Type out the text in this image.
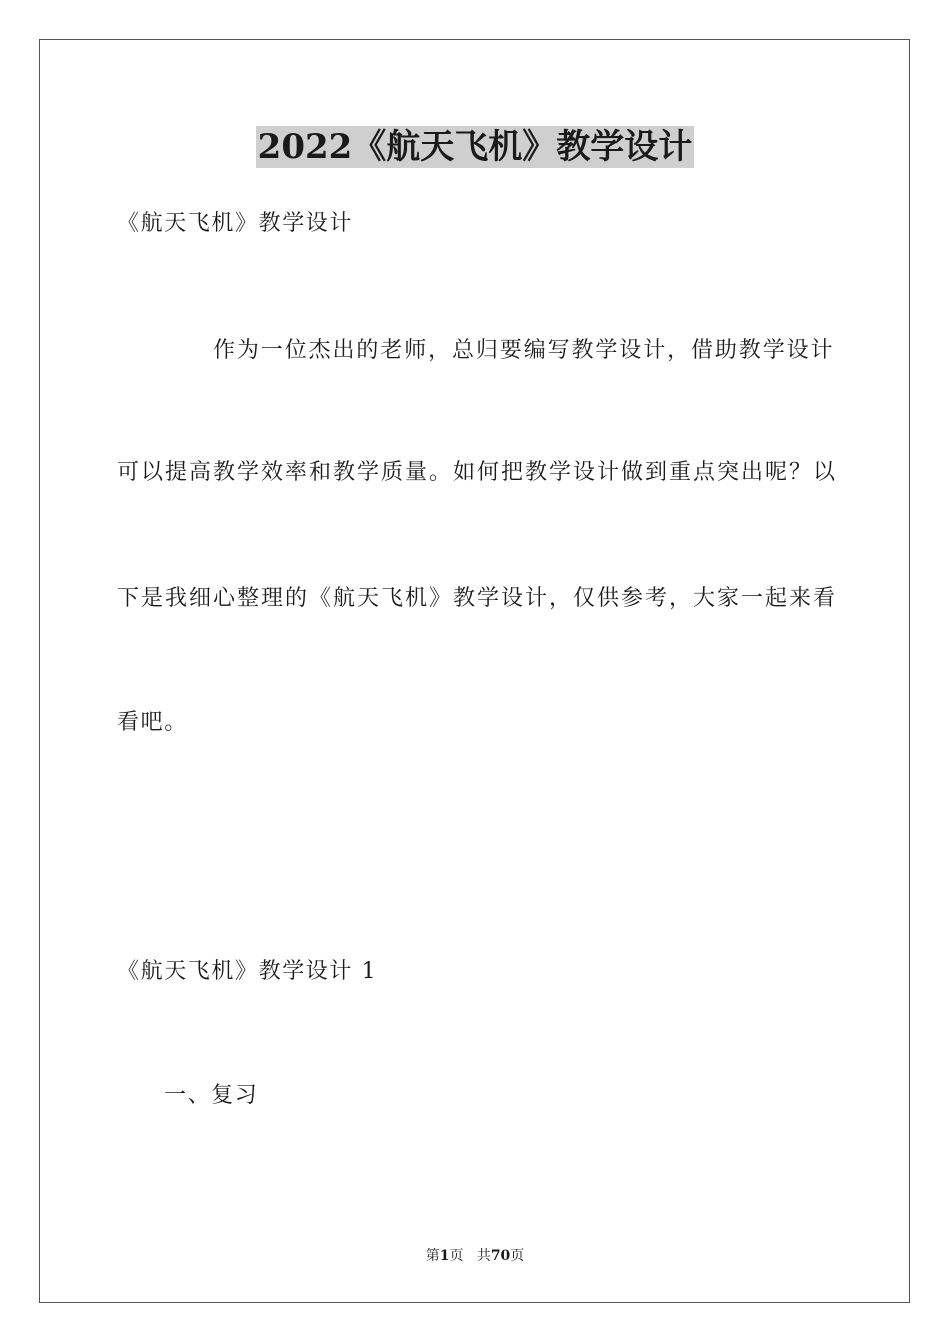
2022《航天飞机》教学设计
《航天飞机》教学设计
作为一位杰出的老师，总归要编写教学设计，借助教学设计
可以提高教学效率和教学质量。如何把教学设计做到重点突出呢？以
下是我细心整理的《航天飞机》教学设计，仅供参考，大家一起来看
看吧。
《航天飞机》教学设计 1
一、复习
第1页 共70页
